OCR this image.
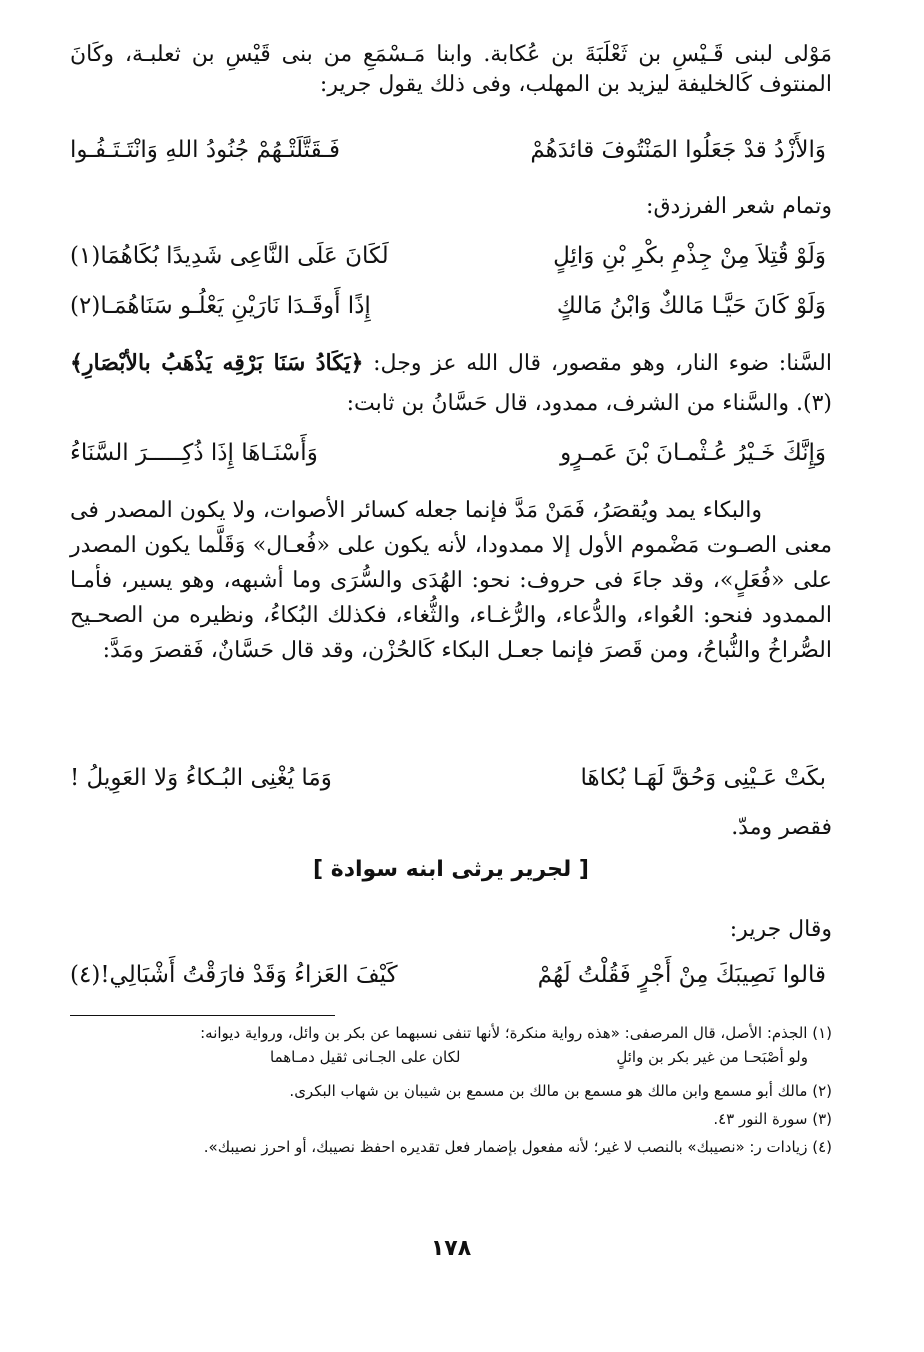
مَوْلى لبنى قَـيْسِ بن ثَعْلَبَةَ بن عُكابة. وابنا مَـسْمَعِ من بنى قَيْسِ بن ثعلبـة، وكَانَ المنتوف كَالخليفة ليزيد بن المهلب، وفى ذلك يقول جرير:

وَالأَزْدُ قدْ جَعَلُوا المَنْتُوفَ قائدَهُمْ
فَـقَتَّلَتْـهُمْ جُنُودُ اللهِ وَانْتَـتَـفُـوا
وتمام شعر الفرزدق:
وَلَوْ قُتِلاَ مِنْ جِذْمِ بكْرِ بْنِ وَائِلٍ
لَكَانَ عَلَى النَّاعِى شَدِيدًا بُكَاهُمَا(١)
وَلَوْ كَانَ حَيَّـا مَالكٌ وَابْنُ مَالكٍ
إِذًا أَوقَـدَا نَارَيْنِ يَعْلُـو سَنَاهُمَـا(٢)

السَّنا: ضوء النار، وهو مقصور، قال الله عز وجل: ﴿يَكَادُ سَنَا بَرْقِه يَذْهَبُ بالأبْصَارِ﴾ (٣). والسَّناء من الشرف، ممدود، قال حَسَّانُ بن ثابت:

وَإِنَّكَ خَـيْرُ عُـثْمـانَ بْنَ عَمـرٍو
وَأَسْنَـاهَا إِذَا ذُكِـــــرَ السَّنَاءُ

والبكاء يمد ويُقصَرُ، فَمَنْ مَدَّ فإنما جعله كسائر الأصوات، ولا يكون المصدر فى معنى الصـوت مَضْموم الأول إلا ممدودا، لأنه يكون على «فُعـال» وَقَلَّما يكون المصدر على «فُعَلٍ»، وقد جاءَ فى حروف: نحو: الهُدَى والسُّرَى وما أشبهه، وهو يسير، فأمـا الممدود فنحو: العُواء، والدُّعاء، والرُّغـاء، والثُّغاء، فكذلك البُكاءُ، ونظيره من الصحـيح الصُّراخُ والنُّباحُ، ومن قَصرَ فإنما جعـل البكاء كَالحُزْن، وقد قال حَسَّانٌ، فَقصرَ ومَدَّ:

بكَتْ عَـيْنِى وَحُقَّ لَهَـا بُكاهَا
وَمَا يُغْنِى البُـكاءُ وَلا العَوِيلُ !
فقصر ومدّ.
[ لجرير يرثى ابنه سوادة ]
وقال جرير:
قالوا نَصِيبَكَ مِنْ أَجْرٍ فَقُلْتُ لَهُمْ
كَيْفَ العَزاءُ وَقَدْ فارَقْتُ أَشْبَالِي!(٤)

(١) الجذم: الأصل، قال المرصفى: «هذه رواية منكرة؛ لأنها تنفى نسبهما عن بكر بن وائل، ورواية ديوانه:

ولو أصْبَحـا من غير بكر بن وائلٍ
لكان على الجـانى ثقيل دمـاهما

(٢) مالك أبو مسمع وابن مالك هو مسمع بن مالك بن مسمع بن شيبان بن شهاب البكرى.

(٣) سورة النور ٤٣.

(٤) زيادات ر: «نصيبك» بالنصب لا غير؛ لأنه مفعول بإضمار فعل تقديره احفظ نصيبك، أو احرز نصيبك».

١٧٨
